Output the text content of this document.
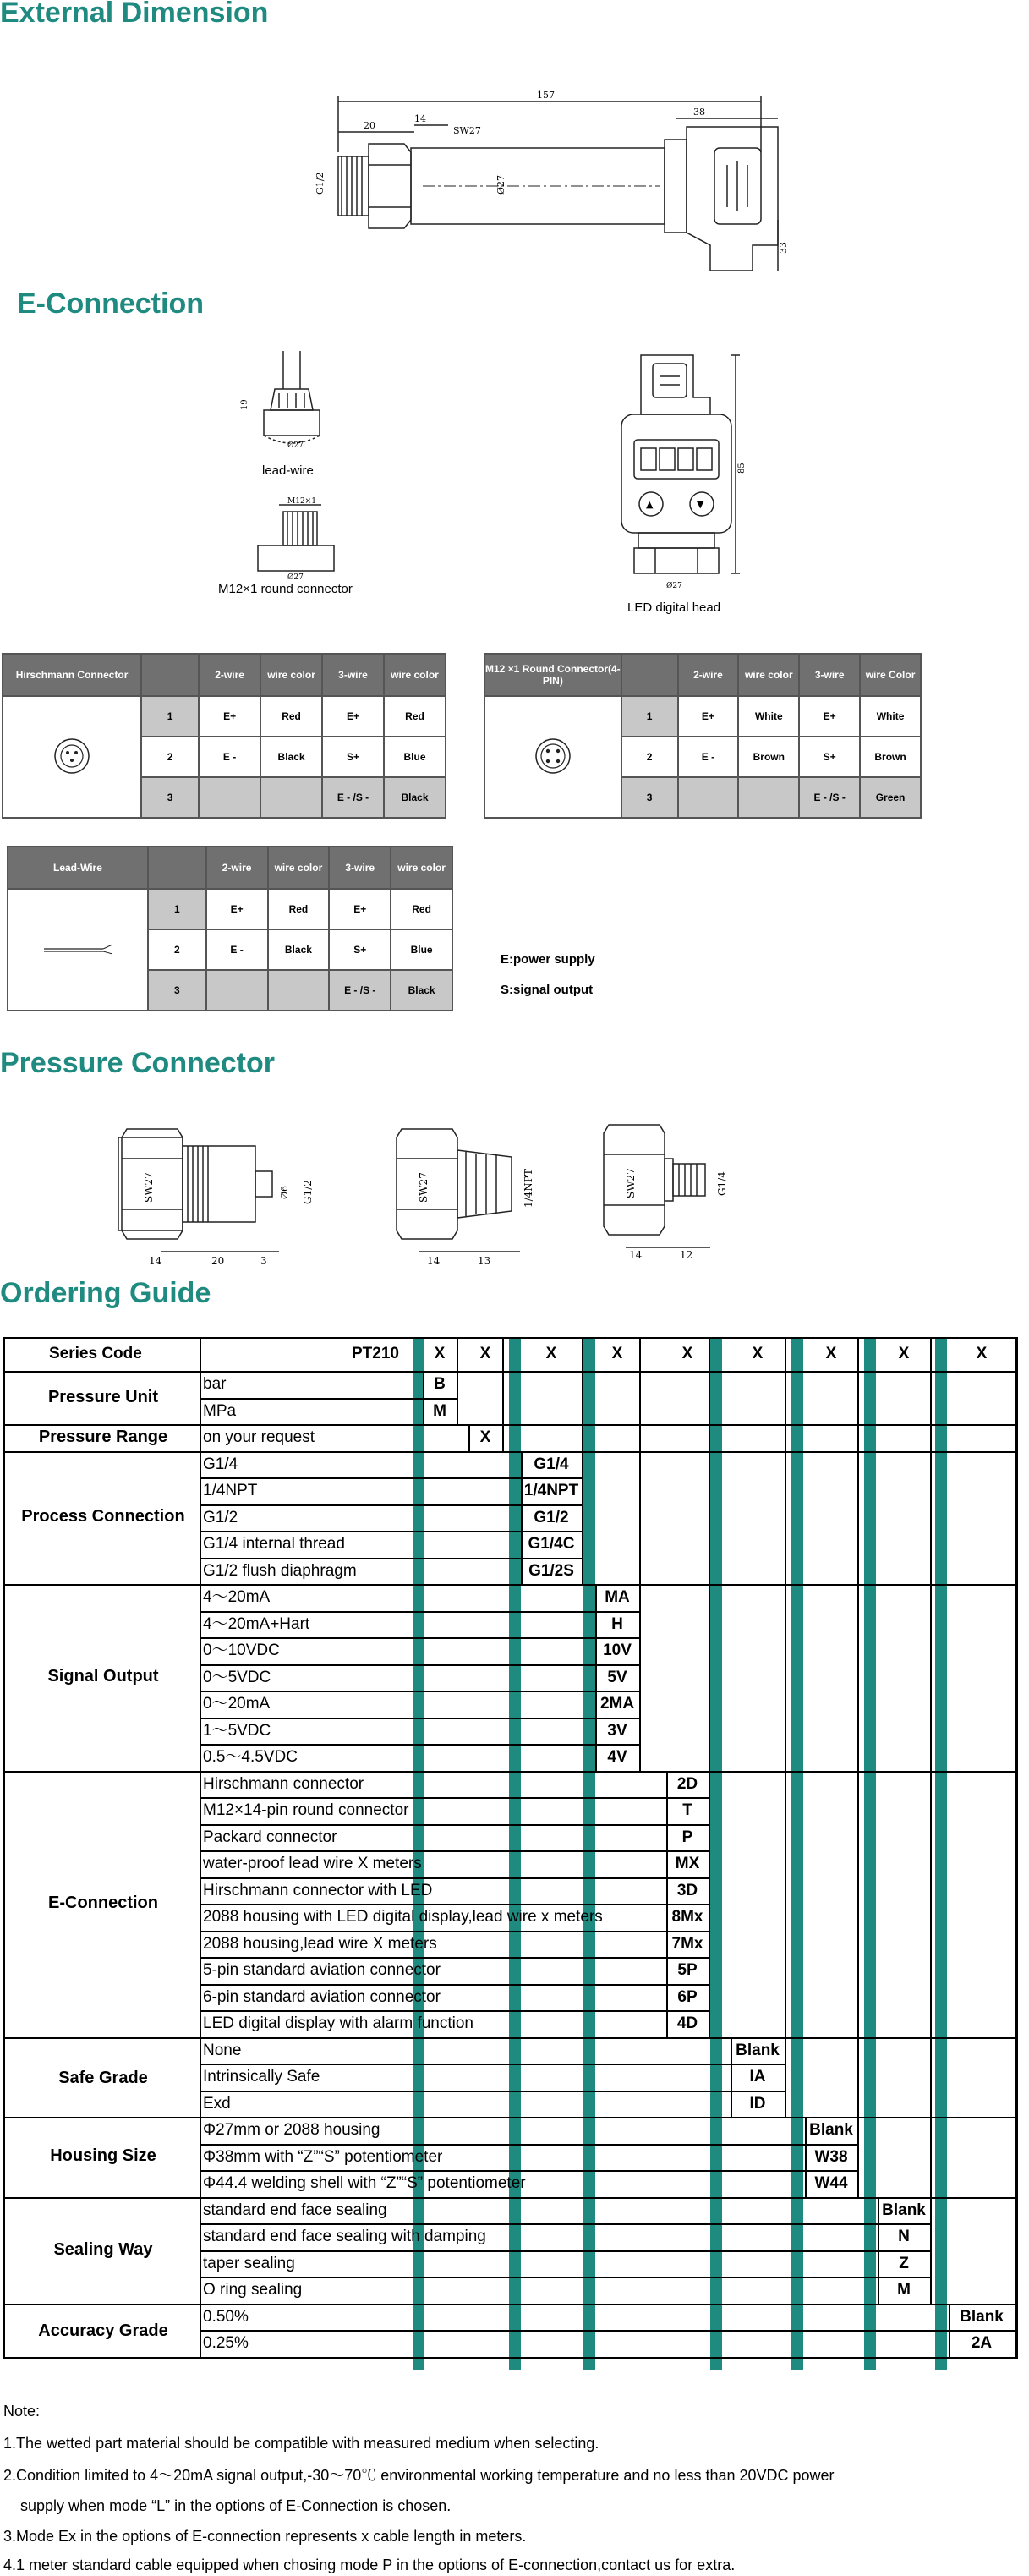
External Dimension
E-Connection
Pressure Connector
Ordering Guide
157
20
14
SW27
38
G1/2	Ø27
33
19
Ø27
lead-wire
M12×1
Ø27
M12×1 round connector
▲	▼
85
Ø27
LED digital head
Hirschmann Connector		2-wire	wire color	3-wire	wire color
	1	E+	Red	E+	Red
	2	E -	Black	S+	Blue
	3			E - /S -	Black
M12 ×1 Round Connector(4-PIN)		2-wire	wire color	3-wire	wire Color
	1	E+	White	E+	White
	2	E -	Brown	S+	Brown
	3			E - /S -	Green
Lead-Wire		2-wire	wire color	3-wire	wire color
	1	E+	Red	E+	Red
	2	E -	Black	S+	Blue
	3			E - /S -	Black
E:power supply
S:signal output
SW27	Ø6 G1/2
14	20	3
SW27	1/4NPT
14	13
SW27	G1/4
14	12
Series Code	PT210	X	X	X	X	X	X	X	X	X
Pressure Unit
bar	B
MPa	M
Pressure Range	on your request	X
Process Connection
G1/4	G1/4
1/4NPT	1/4NPT
G1/2	G1/2
G1/4 internal thread	G1/4C
G1/2 flush diaphragm	G1/2S
Signal Output
4～20mA	MA
4～20mA+Hart	H
0～10VDC	10V
0～5VDC	5V
0～20mA	2MA
1～5VDC	3V
0.5～4.5VDC	4V
E-Connection
Hirschmann connector	2D
M12×14-pin round connector	T
Packard connector	P
water-proof lead wire X meters	MX
Hirschmann connector with LED	3D
2088 housing with LED digital display,lead wire x meters	8Mx
2088 housing,lead wire X meters	7Mx
5-pin standard aviation connector	5P
6-pin standard aviation connector	6P
LED digital display with alarm function	4D
Safe Grade
None	Blank
Intrinsically Safe	IA
Exd	ID
Housing Size
Φ27mm or 2088 housing	Blank
Φ38mm with “Z”“S” potentiometer	W38
Φ44.4 welding shell with “Z”“S” potentiometer	W44
Sealing Way
standard end face sealing	Blank
standard end face sealing with damping	N
taper sealing	Z
O ring sealing	M
Accuracy Grade
0.50%	Blank
0.25%	2A
Note:
1.The wetted part material should be compatible with measured medium when selecting.
2.Condition limited to 4～20mA signal output,-30～70℃ environmental working temperature and no less than 20VDC power
supply when mode “L” in the options of E-Connection is chosen.
3.Mode Ex in the options of E-connection represents x cable length in meters.
4.1 meter standard cable equipped when chosing mode P in the options of E-connection,contact us for extra.
